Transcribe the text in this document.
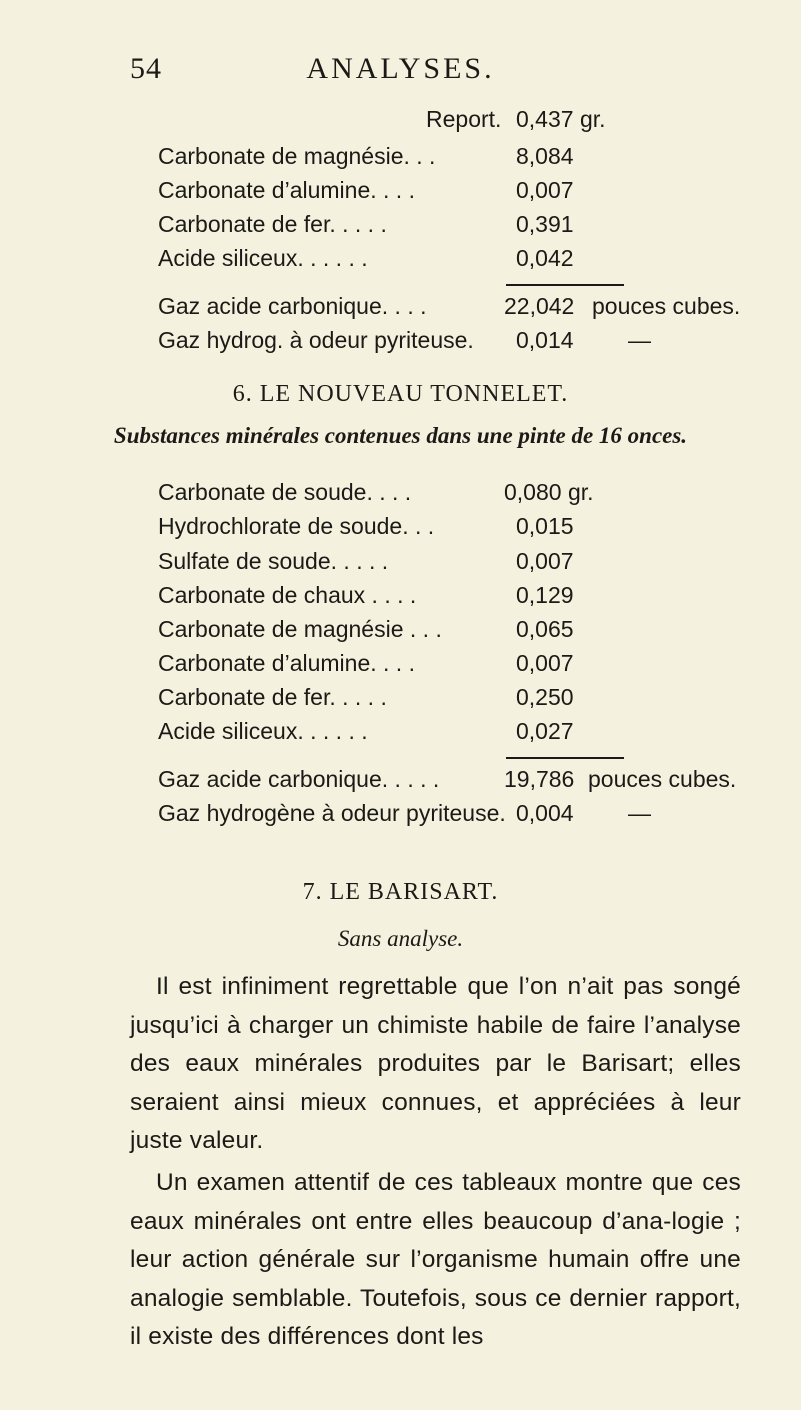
54	ANALYSES.
Report. 0,437 gr.
Carbonate de magnésie. . .	8,084
Carbonate d’alumine. . . .	0,007
Carbonate de fer. . . . .	0,391
Acide siliceux. . . . . .	0,042
Gaz acide carbonique. . . .	22,042 pouces cubes.
Gaz hydrog. à odeur pyriteuse. 0,014 —
6. LE NOUVEAU TONNELET.
Substances minérales contenues dans une pinte de 16 onces.
Carbonate de soude. . . .	0,080 gr.
Hydrochlorate de soude. . .	0,015
Sulfate de soude. . . . .	0,007
Carbonate de chaux . . . .	0,129
Carbonate de magnésie . . .	0,065
Carbonate d’alumine. . . .	0,007
Carbonate de fer. . . . .	0,250
Acide siliceux. . . . . .	0,027
Gaz acide carbonique. . . . .	19,786 pouces cubes.
Gaz hydrogène à odeur pyriteuse. 0,004 —
7. LE BARISART.
Sans analyse.
Il est infiniment regrettable que l’on n’ait pas songé jusqu’ici à charger un chimiste habile de faire l’analyse des eaux minérales produites par le Barisart; elles seraient ainsi mieux connues, et appréciées à leur juste valeur.
Un examen attentif de ces tableaux montre que ces eaux minérales ont entre elles beaucoup d’ana-logie ; leur action générale sur l’organisme humain offre une analogie semblable. Toutefois, sous ce dernier rapport, il existe des différences dont les
